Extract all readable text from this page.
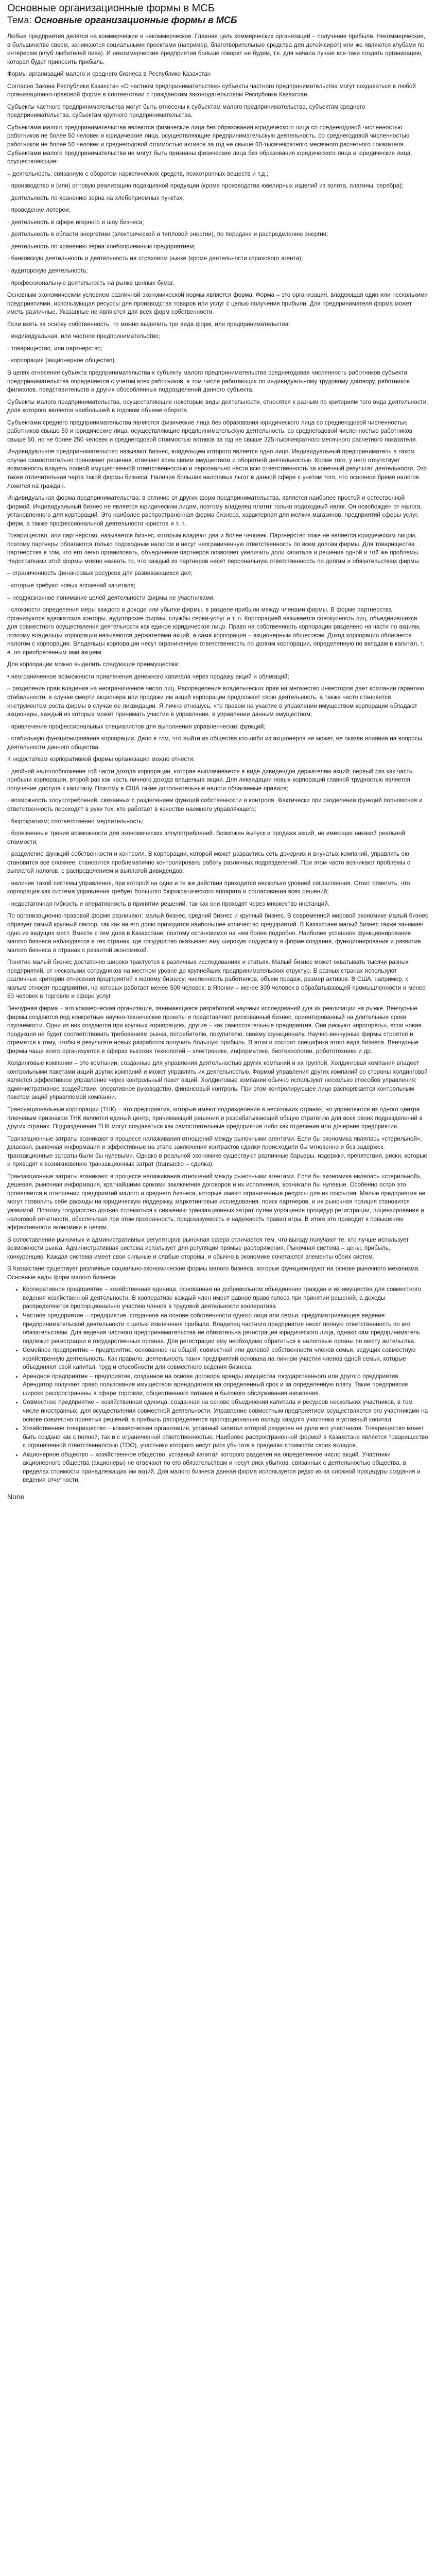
Основные организационные формы в МСБ
Тема: Основные организационные формы в МСБ

Любые предприятия делятся на коммерческие и некоммерческие. Главная цель коммерческих организаций – получение прибыли. Некоммерческие, в большинстве своем, занимаются социальными проектами (например, благотворительные средства для детей-сирот) или же являются клубами по интересам (клуб любителей пива). И некоммерческие предприятия больше говорят не будем, т.к. для начала лучше все-таки создать организацию, которая будет приносить прибыль.

Формы организаций малого и среднего бизнеса в Республике Казахстан

Согласно Закона Республики Казахстан «О частном предпринимательстве» субъекты частного предпринимательства могут создаваться в любой организационно-правовой форме в соответствии с гражданским законодательством Республики Казахстан.

Субъекты частного предпринимательства могут быть отнесены к субъектам малого предпринимательства, субъектам среднего предпринимательства, субъектам крупного предпринимательства.

Субъектами малого предпринимательства являются физические лица без образования юридического лица со среднегодовой численностью работников не более 50 человек и юридические лица, осуществляющие предпринимательскую деятельность, со среднегодовой численностью работников не более 50 человек и среднегодовой стоимостью активов за год не свыше 60-тысячекратного месячного расчетного показателя. Субъектами малого предпринимательства не могут быть признаны физические лица без образования юридического лица и юридические лица, осуществляющие:

– деятельность, связанную с оборотом наркотических средств, психотропных веществ и т.д.;

· производство и (или) оптовую реализацию подакцизной продукции (кроме производства ювелирных изделий из золота, платины, серебра);

· деятельность по хранению зерна на хлебоприемных пунктах;

· проведение лотереи;

· деятельность в сфере игорного и шоу бизнеса;

· деятельность в области энергетики (электрической и тепловой энергии), по передаче и распределению энергии;

· деятельность по хранению зерна хлебоприемным предприятием;

· банковскую деятельность и деятельность на страховом рынке (кроме деятельности страхового агента);

· аудиторскую деятельность;

· профессиональную деятельность на рынке ценных бумаг.

Основным экономическим условием различной экономической нормы является форма. Форма – это организация, владеющая один или несколькими предприятиями, использующая ресурсы для производства товаров или услуг с целью получения прибыли. Для предпринимателя форма может иметь различные. Указанные не являются для всех форм собственности.

Если взять за основу собственность, то можно выделить три вида форм, или предпринимательства:

· индивидуальная, или частное предпринимательство;

· товарищество, или партнерство;

· корпорация (акционерное общество).

В целях отнесения субъекта предпринимательства к субъекту малого предпринимательства среднегодовая численность работников субъекта предпринимательства определяется с учетом всех работников, в том числе работающих по индивидуальному трудовому договору, работников филиалов, представительств и других обособленных подразделений данного субъекта.

Субъекты малого предпринимательства, осуществляющие некоторые виды деятельности, относятся к разным по критериям того вида деятельности, доля которого является наибольшей в годовом объеме оборота.

Субъектами среднего предпринимательства являются физические лица без образования юридического лица со среднегодовой численностью работников свыше 50 и юридические лица, осуществляющие предпринимательскую деятельность, со среднегодовой численностью работников свыше 50, но не более 250 человек и среднегодовой стоимостью активов за год не свыше 325-тысячекратного месячного расчетного показателя.

Индивидуальное предпринимательство называют бизнес, владельцем которого является одно лицо. Индивидуальный предприниматель в таком случае самостоятельно принимает решения, отвечает всем своим имуществом и оборотной деятельностью. Кроме того, у него отсутствует возможность владеть полной имущественной ответственностью и персонально нести всю ответственность за конечный результат деятельности. Это также отличительная черта такой формы бизнеса. Наличие больших налоговых льгот в данной сфере с учетом того, что основное бремя налогов ложится на граждан.

Индивидуальная форма предпринимательства: в отличие от других форм предпринимательства, является наиболее простой и естественной формой. Индивидуальный бизнес не является юридическим лицом, поэтому владелец платит только подоходный налог. Он освобожден от налога, установленного для корпораций. Это наиболее распространенная форма бизнеса, характерная для мелких магазинов, предприятий сферы услуг, ферм, а также профессиональной деятельности юристов и т. п.

Товарищество, или партнерство, называется бизнес, которым владеют два и более человек. Партнерство тоже не является юридическим лицом, поэтому партнеры облагаются только подоходным налогом и несут неограниченную ответственность по всем долгам фирмы. Для товарищества партнерства в том, что его легко организовать, объединение партнеров позволяет увеличить доли капитала и решения одной и той же проблемы. Недостатками этой формы можно назвать то, что каждый из партнеров несет персональную ответственность по долгам и обязательствам фирмы.

– ограниченность финансовых ресурсов для развивающихся дел;

· которые требуют новых вложений капитала;

– неоднозначное понимание целей деятельности фирмы не участниками;

· сложности определения меры каждого в доходе или убытке фирмы, в разделе прибыли между членами фирмы. В форме партнерства организуются адвокатские конторы, аудиторские фирмы, службы серви-услуг и т. п. Корпорацией называется совокупность лиц, объединившихся для совместного осуществления деятельности как единое юридическое лицо. Право на собственность корпорации разделено на части по акциям, поэтому владельцы корпорации называются держателями акций, а сама корпорация – акционерным обществом. Доход корпорации облагается налогом с корпорации. Владельцы корпорации несут ограниченную ответственность по долгам корпорации, определенную по вкладам в капитал, т. е. по приобретенным ими акциям.

Для корпорации можно выделить следующие преимущества:

• неограниченное возможности привлечения денежного капитала через продажу акций и облигаций;

– разделение прав владения на неограниченное число лиц. Распределение владельческих прав на множество инвесторов дает компании гарантию стабильности; в случае смерти акционера или продажи им акций корпорации продолжает свою деятельность, а также часто становится инструментом роста фирмы в случае ее ликвидации. Я лично отношусь, что правом на участие в управлении имуществом корпорации обладают акционеры, каждый из которых может принимать участие в управлении, в управлении данным имуществом;

· привлечение профессиональных специалистов для выполнения управленческих функций;

· стабильную функционирования корпорации. Дело в том, что выйти из общества кто-либо из акционеров не может, не оказав влияния на вопросы деятельности данного общества.

К недостаткам корпоративной формы организации можно отнести:

· двойной налогообложение той части дохода корпорации, которая выплачивается в виде дивидендов держателям акций; первый раз как часть прибыли корпорации, второй раз как часть личного дохода владельца акции. Для ликвидации новых корпораций главной трудностью является получение доступа к капиталу. Поэтому в США такие дополнительные налоги облагаемые правила;

· возможность злоупотреблений, связанных с разделением функций собственности и контроля. Фактически при разделении функций полномочия и ответственность переходят в руки тех, кто работает в качестве наемного управляющего;

· бюрократизм; соответственно медлительность;

· болезненные трения возможности для экономических злоупотреблений. Возможен выпуск и продажа акций, не имеющих никакой реальной стоимости;

· разделение функций собственности и контроля. В корпорации, которой может разрастись сеть дочерних и внучатых компаний, управлять ею становится все сложнее, становится проблематично контролировать работу различных подразделений. При этом часто возникают проблемы с выплатой налогов, с распределением и выплатой дивидендов;

· наличие такой системы управления, при которой на одни и те же действия приходится несколько уровней согласования. Стоит отметить, что корпорация как система управления требует большого бюрократического аппарата и согласования всех решений;

· недостаточная гибкость и оперативность в принятии решений, так как они проходят через множество инстанций.

По организационно-правовой форме различают: малый бизнес, средний бизнес и крупный бизнес. В современной мировой экономике малый бизнес образует самый крупный сектор, так как на его долю приходится наибольшее количество предприятий. В Казахстане малый бизнес также занимает одно из ведущих мест. Вместе с тем доля в Казахстане, поэтому остановимся на нем более подробно. Наиболее успешное функционирование малого бизнеса наблюдается в тех странах, где государство оказывает ему широкую поддержку в форме создания, функционирования и развития малого бизнеса в странах с развитой экономикой.

Понятие малый бизнес достаточно широко трактуется в различных исследованиях и статьях. Малый бизнес может охватывать тысячи разных предприятий, от нескольких сотрудников на местном уровне до крупнейших предпринимательских структур. В разных странах используют различные критерии отнесения предприятий к малому бизнесу: численность работников, объем продаж, размер активов. В США, например, к малым относят предприятия, на которых работает менее 500 человек; в Японии – менее 300 человек в обрабатывающей промышленности и менее 50 человек в торговле и сфере услуг.

Венчурная фирма – это коммерческая организация, занимающаяся разработкой научных исследований для их реализации на рынке. Венчурные фирмы создаются под конкретные научно-технические проекты и представляют рискованный бизнес, ориентированный на длительные сроки окупаемости. Одни из них создаются при крупных корпорациях, другие – как самостоятельные предприятия. Они рискуют «прогореть», если новая продукция не будет соответствовать требованиям рынка, потребителю, покупателю, своему функционалу. Научно-венчурные фирмы строятся и стремятся к тому, чтобы в результате новых разработок получить большую прибыль. В этом и состоит специфика этого вида бизнеса. Венчурные фирмы чаще всего организуются в сферах высоких технологий – электронике, информатике, биотехнологии, робототехнике и др.

Холдинговые компании – это компании, созданные для управления деятельностью других компаний и их группой. Холдинговая компания владеет контрольными пакетами акций других компаний и может управлять их деятельностью. Формой управления других компаний со стороны холдинговой является эффективное управление через контрольный пакет акций. Холдинговые компании обычно используют несколько способов управления: административное воздействие, оперативное руководство, финансовый контроль. При этом контролирующее лицо распоряжается контрольным пакетом акций управляемой компании.

Транснациональные корпорации (ТНК) – это предприятия, которые имеют подразделения в нескольких странах, но управляются из одного центра. Ключевым признаком ТНК является единый центр, принимающий решения и разрабатывающий общую стратегию для всех своих подразделений в других странах. Подразделения ТНК могут создаваться как самостоятельные предприятия либо как отделения или дочерние предприятия.

Транзакционные затраты возникают в процессе налаживания отношений между рыночными агентами. Если бы экономика являлась «стерильной», дешевая, рыночная информация и эффективные на этапе заключения контрактов сделки происходили бы мгновенно и без задержек, транзакционные затраты были бы нулевыми. Однако в реальной экономике существуют различные барьеры, издержки, препятствия, риски, которые и приводят к возникновению транзакционных затрат (transactio – сделка).

Транзакционные затраты возникают в процессе налаживания отношений между рыночными агентами. Если бы экономика являлась «стерильной», дешевая, рыночная информация, кратчайшими сроками заключения договоров и их исполнения, возникали бы нулевые. Особенно остро это проявляется в отношении предприятий малого и среднего бизнеса, которые имеют ограниченные ресурсы для их покрытия. Малые предприятия не могут позволить себе расходы на юридическую поддержку, маркетинговые исследования, поиск партнеров, и их рыночная позиция становится уязвимой. Поэтому государство должно стремиться к снижению транзакционных затрат путем упрощения процедур регистрации, лицензирования и налоговой отчетности, обеспечивая при этом прозрачность, предсказуемость и надежность правил игры. В итоге это приводит к повышению эффективности экономики в целом.

В сопоставлении рыночных и административных регуляторов рыночная сфера отличается тем, что выгоду получают те, кто лучше использует возможности рынка. Административная система использует для регуляции прямые распоряжения. Рыночная система – цены, прибыль, конкуренцию. Каждая система имеет свои сильные и слабые стороны, и обычно в экономике сочетаются элементы обеих систем.

В Казахстане существует различные социально-экономические формы малого бизнеса, которые функционируют на основе рыночного механизма. Основные виды форм малого бизнеса:

• Кооперативное предприятие – хозяйственная единица, основанная на добровольном объединении граждан и их имущества для совместного ведения хозяйственной деятельности. В кооперативе каждый член имеет равное право голоса при принятии решений, а доходы распределяются пропорционально участию членов в трудовой деятельности кооператива.
• Частное предприятие – предприятие, созданное на основе собственности одного лица или семьи, предусматривающее ведение предпринимательской деятельности с целью извлечения прибыли. Владелец частного предприятия несет полную ответственность по его обязательствам. Для ведения частного предпринимательства не обязательна регистрация юридического лица, однако сам предприниматель подлежит регистрации в государственных органах. Для регистрации ему необходимо обратиться в налоговые органы по месту жительства.
• Семейное предприятие – предприятие, основанное на общей, совместной или долевой собственности членов семьи, ведущих совместную хозяйственную деятельность. Как правило, деятельность таких предприятий основана на личном участии членов одной семьи, которые объединяют свой капитал, труд и способности для совместного ведения бизнеса.
• Арендное предприятие – предприятие, созданное на основе договора аренды имущества государственного или другого предприятия. Арендатор получает право пользования имуществом арендодателя на определенный срок и за определенную плату. Такие предприятия широко распространены в сфере торговли, общественного питания и бытового обслуживания населения.
• Совместное предприятие – хозяйственная единица, созданная на основе объединения капитала и ресурсов нескольких участников, в том числе иностранных, для осуществления совместной деятельности. Управление совместным предприятием осуществляется его участниками на основе совместно принятых решений, а прибыль распределяется пропорционально вкладу каждого участника в уставный капитал.
• Хозяйственное товарищество – коммерческая организация, уставный капитал которой разделен на доли его участников. Товарищество может быть создано как с полной, так и с ограниченной ответственностью. Наиболее распространенной формой в Казахстане является товарищество с ограниченной ответственностью (ТОО), участники которого несут риск убытков в пределах стоимости своих вкладов.
• Акционерное общество – хозяйственное общество, уставный капитал которого разделен на определенное число акций. Участники акционерного общества (акционеры) не отвечают по его обязательствам и несут риск убытков, связанных с деятельностью общества, в пределах стоимости принадлежащих им акций. Для малого бизнеса данная форма используется редко из-за сложной процедуры создания и ведения отчетности.
None
